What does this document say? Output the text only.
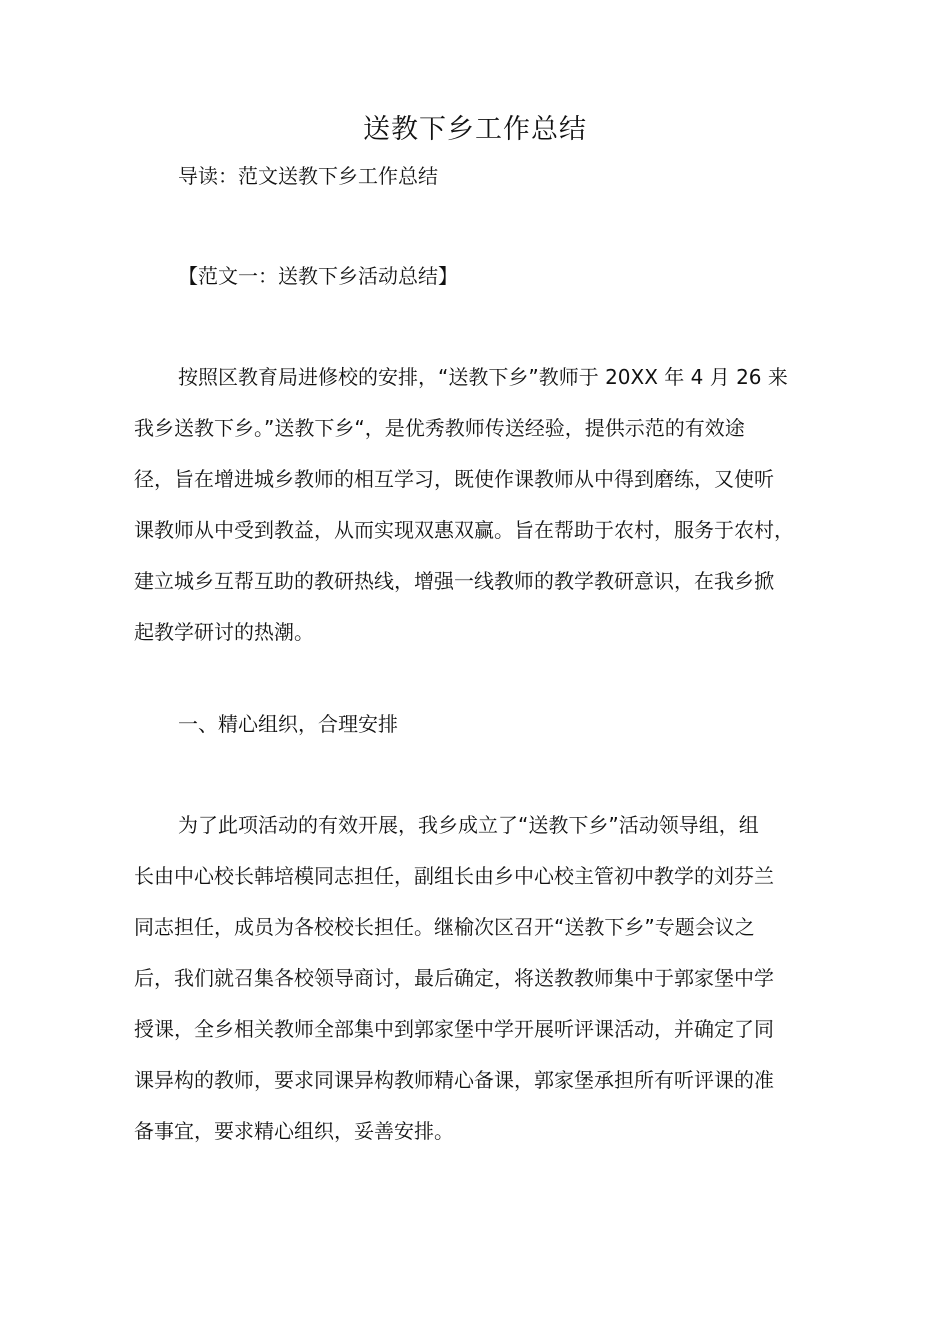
送教下乡工作总结
导读：范文送教下乡工作总结
【范文一：送教下乡活动总结】
按照区教育局进修校的安排，“送教下乡”教师于 20XX 年 4 月 26 来
我乡送教下乡。”送教下乡“，是优秀教师传送经验，提供示范的有效途
径，旨在增进城乡教师的相互学习，既使作课教师从中得到磨练，又使听
课教师从中受到教益，从而实现双惠双赢。旨在帮助于农村，服务于农村，
建立城乡互帮互助的教研热线，增强一线教师的教学教研意识，在我乡掀
起教学研讨的热潮。
一、精心组织，合理安排
为了此项活动的有效开展，我乡成立了“送教下乡”活动领导组，组
长由中心校长韩培模同志担任，副组长由乡中心校主管初中教学的刘芬兰
同志担任，成员为各校校长担任。继榆次区召开“送教下乡”专题会议之
后，我们就召集各校领导商讨，最后确定，将送教教师集中于郭家堡中学
授课，全乡相关教师全部集中到郭家堡中学开展听评课活动，并确定了同
课异构的教师，要求同课异构教师精心备课，郭家堡承担所有听评课的准
备事宜，要求精心组织，妥善安排。
